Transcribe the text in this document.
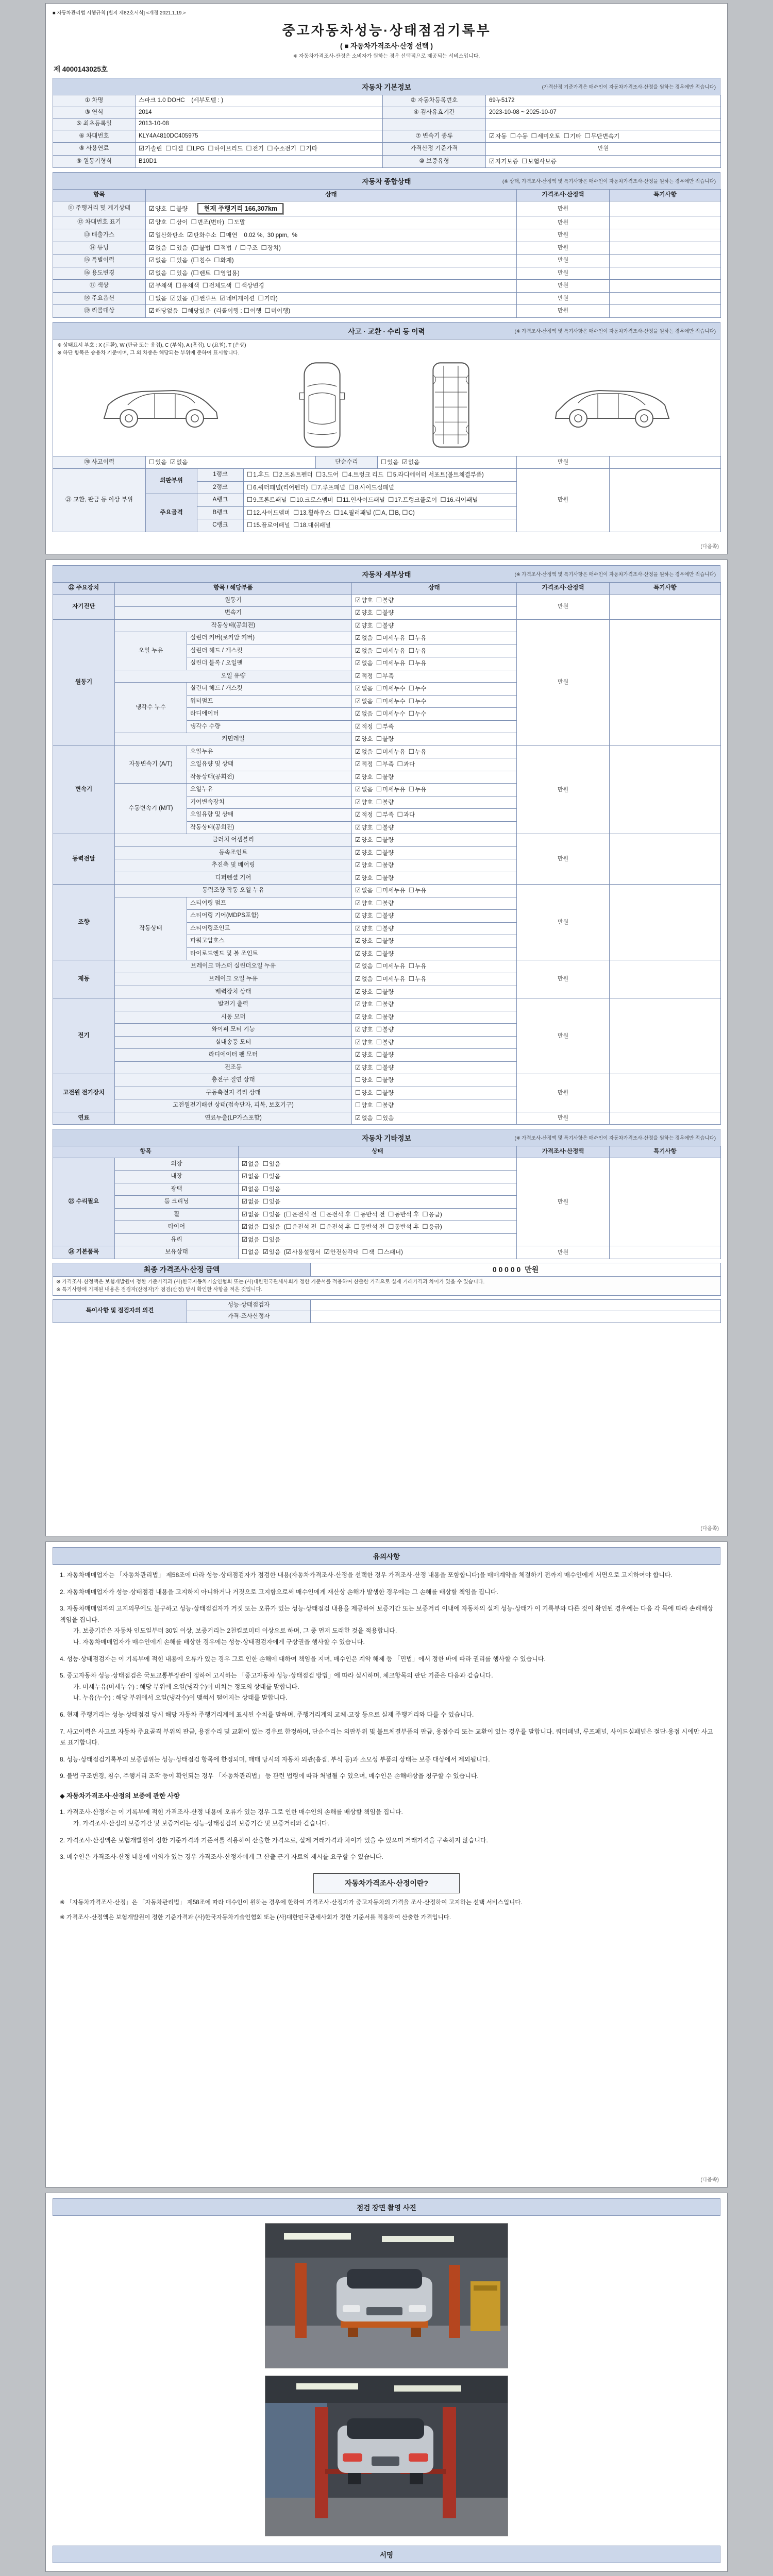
■ 자동차관리법 시행규칙 [별지 제82호서식] <개정 2021.1.19.>
중고자동차성능·상태점검기록부
( ■ 자동차가격조사·산정 선택 )
※ 자동차가격조사·산정은 소비자가 원하는 경우 선택적으로 제공되는 서비스입니다.
제 4000143025호
자동차 기본정보	(가격산정 기준가격은 매수인이 자동차가격조사·산정을 원하는 경우에만 적습니다)
① 차명	스파크 1.0 DOHC    (세부모델 : )	② 자동차등록번호	69누5172
③ 연식	2014	④ 검사유효기간	2023-10-08 ~ 2025-10-07
⑤ 최초등록일	2013-10-08		
⑥ 차대번호	KLY4A4810DC405975	⑦ 변속기 종류	☑자동  ☐수동  ☐세미오토  ☐기타  ☐무단변속기
⑧ 사용연료	☑가솔린  ☐디젤  ☐LPG  ☐하이브리드  ☐전기  ☐수소전기  ☐기타	가격산정 기준가격	만원
⑨ 원동기형식	B10D1	⑩ 보증유형	☑자기보증  ☐보험사보증
자동차 종합상태	(※ 상태, 가격조사·산정액 및 특기사항은 매수인이 자동차가격조사·산정을 원하는 경우에만 적습니다)
항목	상태	가격조사·산정액	특기사항
⑪ 주행거리 및 계기상태	☑양호  ☐불량 현재 주행거리 166,307km	만원	
⑫ 차대번호 표기	☑양호  ☐상이  ☐변조(변타)  ☐도말	만원	
⑬ 배출가스	☑일산화탄소  ☑탄화수소  ☐매연    0.02 %,  30 ppm,  %	만원	
⑭ 튜닝	☑없음  ☐있음  (☐불법  ☐적법  /  ☐구조  ☐장치)	만원	
⑮ 특별이력	☑없음  ☐있음  (☐침수  ☐화재)	만원	
⑯ 용도변경	☑없음  ☐있음  (☐렌트  ☐영업용)	만원	
⑰ 색상	☑무채색  ☐유채색  ☐전체도색  ☐색상변경	만원	
⑱ 주요옵션	☐없음  ☑있음  (☐썬루프  ☑네비게이션  ☐기타)	만원	
⑲ 리콜대상	☑해당없음  ☐해당있음  (리콜이행 : ☐이행  ☐미이행)	만원	
사고 · 교환 · 수리 등 이력	(※ 가격조사·산정액 및 특기사항은 매수인이 자동차가격조사·산정을 원하는 경우에만 적습니다)
※ 상태표시 부호 : X (교환), W (판금 또는 용접), C (부식), A (흠집), U (요철), T (손상)
※ 하단 항목은 승용차 기준이며, 그 외 차종은 해당되는 부위에 준하여 표시합니다.
⑳ 사고이력	☐있음  ☑없음	단순수리	☐있음  ☑없음	만원	
㉑ 교환, 판금 등 이상 부위	외판부위	1랭크	☐1.후드  ☐2.프론트펜더  ☐3.도어  ☐4.트렁크 리드  ☐5.라디에이터 서포트(볼트체결부품)	만원	
		2랭크	☐6.쿼터패널(리어펜더)  ☐7.루프패널  ☐8.사이드실패널		
	주요골격	A랭크	☐9.프론트패널  ☐10.크로스멤버  ☐11.인사이드패널  ☐17.트렁크플로어  ☐16.리어패널		
		B랭크	☐12.사이드멤버  ☐13.휠하우스  ☐14.필러패널 (☐A, ☐B, ☐C)		
		C랭크	☐15.플로어패널  ☐18.대쉬패널		
(다음쪽)
자동차 세부상태	(※ 가격조사·산정액 및 특기사항은 매수인이 자동차가격조사·산정을 원하는 경우에만 적습니다)
㉒ 주요장치	항목 / 해당부품		상태	가격조사·산정액	특기사항
자기진단	원동기		☑양호  ☐불량	만원	
	변속기		☑양호  ☐불량		
원동기	작동상태(공회전)		☑양호  ☐불량	만원	
	오일 누유	실린더 커버(로커암 커버)	☑없음  ☐미세누유  ☐누유		
		실린더 헤드 / 개스킷	☑없음  ☐미세누유  ☐누유		
		실린더 블록 / 오일팬	☑없음  ☐미세누유  ☐누유		
	오일 유량		☑적정  ☐부족		
	냉각수 누수	실린더 헤드 / 개스킷	☑없음  ☐미세누수  ☐누수		
		워터펌프	☑없음  ☐미세누수  ☐누수		
		라디에이터	☑없음  ☐미세누수  ☐누수		
		냉각수 수량	☑적정  ☐부족		
	커먼레일		☑양호  ☐불량		
변속기	자동변속기 (A/T)	오일누유	☑없음  ☐미세누유  ☐누유	만원	
		오일유량 및 상태	☑적정  ☐부족  ☐과다		
		작동상태(공회전)	☑양호  ☐불량		
	수동변속기 (M/T)	오일누유	☑없음  ☐미세누유  ☐누유		
		기어변속장치	☑양호  ☐불량		
		오일유량 및 상태	☑적정  ☐부족  ☐과다		
		작동상태(공회전)	☑양호  ☐불량		
동력전달	클러치 어셈블리		☑양호  ☐불량	만원	
	등속조인트		☑양호  ☐불량		
	추진축 및 베어링		☑양호  ☐불량		
	디퍼렌셜 기어		☑양호  ☐불량		
조향	동력조향 작동 오일 누유		☑없음  ☐미세누유  ☐누유	만원	
	작동상태	스티어링 펌프	☑양호  ☐불량		
		스티어링 기어(MDPS포함)	☑양호  ☐불량		
		스티어링조인트	☑양호  ☐불량		
		파워고압호스	☑양호  ☐불량		
		타이로드엔드 및 볼 조인트	☑양호  ☐불량		
제동	브레이크 마스터 실린더오일 누유		☑없음  ☐미세누유  ☐누유	만원	
	브레이크 오일 누유		☑없음  ☐미세누유  ☐누유		
	배력장치 상태		☑양호  ☐불량		
전기	발전기 출력		☑양호  ☐불량	만원	
	시동 모터		☑양호  ☐불량		
	와이퍼 모터 기능		☑양호  ☐불량		
	실내송풍 모터		☑양호  ☐불량		
	라디에이터 팬 모터		☑양호  ☐불량		
	전조등		☑양호  ☐불량		
고전원 전기장치	충전구 절연 상태		☐양호  ☐불량	만원	
	구동축전지 격리 상태		☐양호  ☐불량		
	고전원전기배선 상태(접속단자, 피복, 보호기구)		☐양호  ☐불량		
연료	연료누출(LP가스포함)		☑없음  ☐있음	만원	
자동차 기타정보	(※ 가격조사·산정액 및 특기사항은 매수인이 자동차가격조사·산정을 원하는 경우에만 적습니다)
항목		상태	가격조사·산정액	특기사항
㉓ 수리필요	외장	☑없음  ☐있음	만원	
	내장	☑없음  ☐있음		
	광택	☑없음  ☐있음		
	룸 크리닝	☑없음  ☐있음		
	휠	☑없음  ☐있음  (☐운전석 전  ☐운전석 후  ☐동반석 전  ☐동반석 후  ☐응급)		
	타이어	☑없음  ☐있음  (☐운전석 전  ☐운전석 후  ☐동반석 전  ☐동반석 후  ☐응급)		
	유리	☑없음  ☐있음		
㉔ 기본품목	보유상태	☐없음  ☑있음  (☑사용설명서  ☑안전삼각대  ☐잭  ☐스패너)	만원	
최종 가격조사·산정 금액	0 0 0 0 0  만원
※ 가격조사·산정액은 보험개발원이 정한 기준가격과 (사)한국자동차기술인협회 또는 (사)대한민국관세사회가 정한 기준서를 적용하여 산출한 가격으로 실제 거래가격과 차이가 있을 수 있습니다.
※ 특기사항에 기재된 내용은 점검자(산정자)가 점검(산정) 당시 확인한 사항을 적은 것입니다.
특이사항 및 점검자의 의견	성능·상태점검자	
	가격·조사산정자	
(다음쪽)
유의사항
1. 자동차매매업자는 「자동차관리법」 제58조에 따라 성능·상태점검자가 점검한 내용(자동차가격조사·산정을 선택한 경우 가격조사·산정 내용을 포함합니다)을 매매계약을 체결하기 전까지 매수인에게 서면으로 고지하여야 합니다.
2. 자동차매매업자가 성능·상태점검 내용을 고지하지 아니하거나 거짓으로 고지함으로써 매수인에게 재산상 손해가 발생한 경우에는 그 손해를 배상할 책임을 집니다.
3. 자동차매매업자의 고지의무에도 불구하고 성능·상태점검자가 거짓 또는 오류가 있는 성능·상태점검 내용을 제공하여 보증기간 또는 보증거리 이내에 자동차의 실제 성능·상태가 이 기록부와 다른 것이 확인된 경우에는 다음 각 목에 따라 손해배상 책임을 집니다.
가. 보증기간은 자동차 인도일부터 30일 이상, 보증거리는 2천킬로미터 이상으로 하며, 그 중 먼저 도래한 것을 적용합니다.
나. 자동차매매업자가 매수인에게 손해를 배상한 경우에는 성능·상태점검자에게 구상권을 행사할 수 있습니다.
4. 성능·상태점검자는 이 기록부에 적힌 내용에 오류가 있는 경우 그로 인한 손해에 대하여 책임을 지며, 매수인은 계약 해제 등 「민법」에서 정한 바에 따라 권리를 행사할 수 있습니다.
5. 중고자동차 성능·상태점검은 국토교통부장관이 정하여 고시하는 「중고자동차 성능·상태점검 방법」에 따라 실시하며, 체크항목의 판단 기준은 다음과 같습니다.
가. 미세누유(미세누수) : 해당 부위에 오일(냉각수)이 비치는 정도의 상태를 말합니다.
나. 누유(누수) : 해당 부위에서 오일(냉각수)이 맺혀서 떨어지는 상태를 말합니다.
6. 현재 주행거리는 성능·상태점검 당시 해당 자동차 주행거리계에 표시된 수치를 말하며, 주행거리계의 교체·고장 등으로 실제 주행거리와 다를 수 있습니다.
7. 사고이력은 사고로 자동차 주요골격 부위의 판금, 용접수리 및 교환이 있는 경우로 한정하며, 단순수리는 외판부위 및 볼트체결부품의 판금, 용접수리 또는 교환이 있는 경우를 말합니다. 쿼터패널, 루프패널, 사이드실패널은 절단·용접 시에만 사고로 표기합니다.
8. 성능·상태점검기록부의 보증범위는 성능·상태점검 항목에 한정되며, 매매 당시의 자동차 외관(흠집, 부식 등)과 소모성 부품의 상태는 보증 대상에서 제외됩니다.
9. 불법 구조변경, 침수, 주행거리 조작 등이 확인되는 경우 「자동차관리법」 등 관련 법령에 따라 처벌될 수 있으며, 매수인은 손해배상을 청구할 수 있습니다.
◆ 자동차가격조사·산정의 보증에 관한 사항
1. 가격조사·산정자는 이 기록부에 적힌 가격조사·산정 내용에 오류가 있는 경우 그로 인한 매수인의 손해를 배상할 책임을 집니다.
가. 가격조사·산정의 보증기간 및 보증거리는 성능·상태점검의 보증기간 및 보증거리와 같습니다.
2. 가격조사·산정액은 보험개발원이 정한 기준가격과 기준서를 적용하여 산출한 가격으로, 실제 거래가격과 차이가 있을 수 있으며 거래가격을 구속하지 않습니다.
3. 매수인은 가격조사·산정 내용에 이의가 있는 경우 가격조사·산정자에게 그 산출 근거 자료의 제시를 요구할 수 있습니다.
자동차가격조사·산정이란?
※ 「자동차가격조사·산정」은 「자동차관리법」 제58조에 따라 매수인이 원하는 경우에 한하여 가격조사·산정자가 중고자동차의 가격을 조사·산정하여 고지하는 선택 서비스입니다.
※ 가격조사·산정액은 보험개발원이 정한 기준가격과 (사)한국자동차기술인협회 또는 (사)대한민국관세사회가 정한 기준서를 적용하여 산출한 가격입니다.
(다음쪽)
점검 장면 촬영 사진
서명
